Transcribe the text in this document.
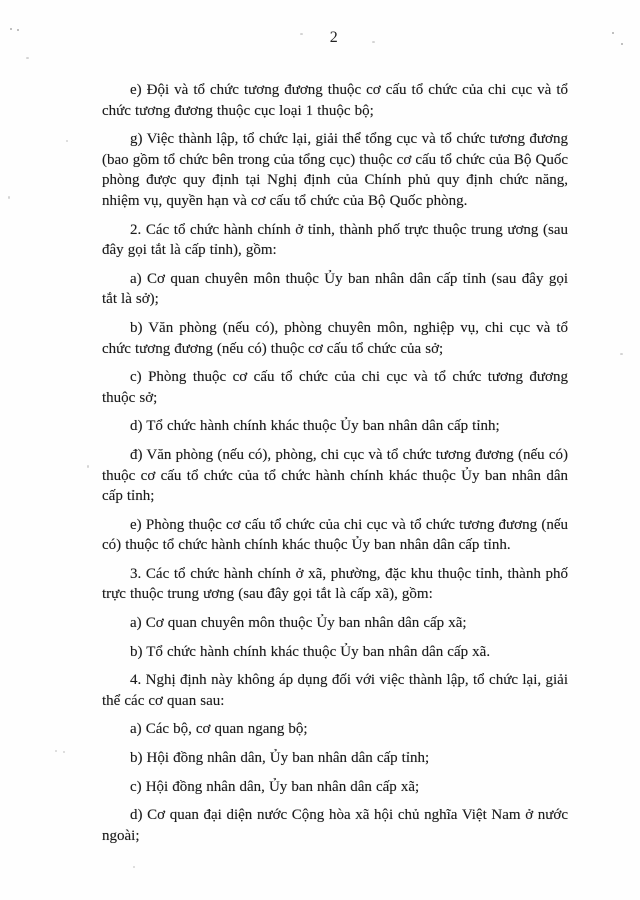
2

e) Đội và tổ chức tương đương thuộc cơ cấu tổ chức của chi cục và tổ chức tương đương thuộc cục loại 1 thuộc bộ;

g) Việc thành lập, tổ chức lại, giải thể tổng cục và tổ chức tương đương (bao gồm tổ chức bên trong của tổng cục) thuộc cơ cấu tổ chức của Bộ Quốc phòng được quy định tại Nghị định của Chính phủ quy định chức năng, nhiệm vụ, quyền hạn và cơ cấu tổ chức của Bộ Quốc phòng.

2. Các tổ chức hành chính ở tỉnh, thành phố trực thuộc trung ương (sau đây gọi tắt là cấp tỉnh), gồm:

a) Cơ quan chuyên môn thuộc Ủy ban nhân dân cấp tỉnh (sau đây gọi tắt là sở);

b) Văn phòng (nếu có), phòng chuyên môn, nghiệp vụ, chi cục và tổ chức tương đương (nếu có) thuộc cơ cấu tổ chức của sở;

c) Phòng thuộc cơ cấu tổ chức của chi cục và tổ chức tương đương thuộc sở;

d) Tổ chức hành chính khác thuộc Ủy ban nhân dân cấp tỉnh;

đ) Văn phòng (nếu có), phòng, chi cục và tổ chức tương đương (nếu có) thuộc cơ cấu tổ chức của tổ chức hành chính khác thuộc Ủy ban nhân dân cấp tỉnh;

e) Phòng thuộc cơ cấu tổ chức của chi cục và tổ chức tương đương (nếu có) thuộc tổ chức hành chính khác thuộc Ủy ban nhân dân cấp tỉnh.

3. Các tổ chức hành chính ở xã, phường, đặc khu thuộc tỉnh, thành phố trực thuộc trung ương (sau đây gọi tắt là cấp xã), gồm:

a) Cơ quan chuyên môn thuộc Ủy ban nhân dân cấp xã;

b) Tổ chức hành chính khác thuộc Ủy ban nhân dân cấp xã.

4. Nghị định này không áp dụng đối với việc thành lập, tổ chức lại, giải thể các cơ quan sau:

a) Các bộ, cơ quan ngang bộ;

b) Hội đồng nhân dân, Ủy ban nhân dân cấp tỉnh;

c) Hội đồng nhân dân, Ủy ban nhân dân cấp xã;

d) Cơ quan đại diện nước Cộng hòa xã hội chủ nghĩa Việt Nam ở nước ngoài;
